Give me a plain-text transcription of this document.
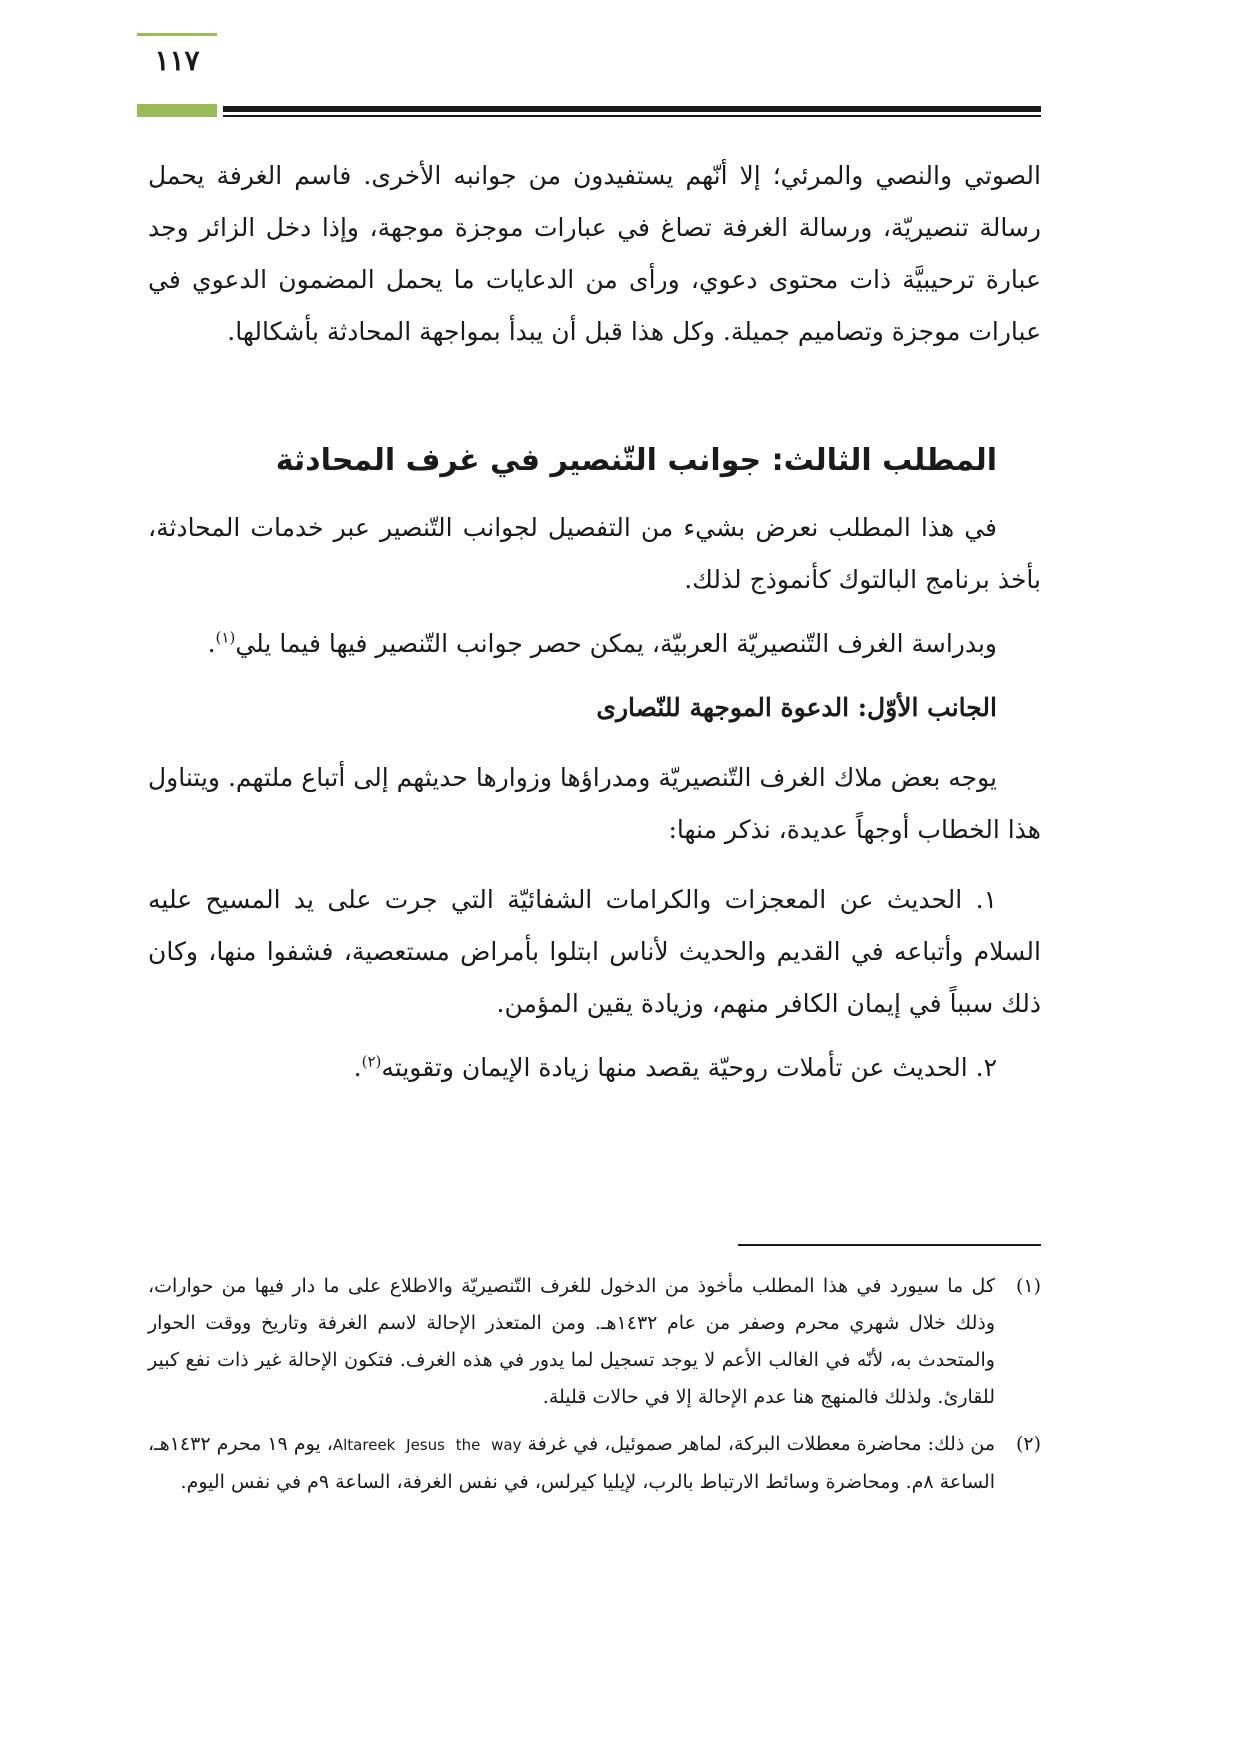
١١٧

الصوتي والنصي والمرئي؛ إلا أنّهم يستفيدون من جوانبه الأخرى. فاسم الغرفة يحمل رسالة تنصيريّة، ورسالة الغرفة تصاغ في عبارات موجزة موجهة، وإذا دخل الزائر وجد عبارة ترحيبيَّة ذات محتوى دعوي، ورأى من الدعايات ما يحمل المضمون الدعوي في عبارات موجزة وتصاميم جميلة. وكل هذا قبل أن يبدأ بمواجهة المحادثة بأشكالها.

المطلب الثالث: جوانب التّنصير في غرف المحادثة

في هذا المطلب نعرض بشيء من التفصيل لجوانب التّنصير عبر خدمات المحادثة، بأخذ برنامج البالتوك كأنموذج لذلك.

وبدراسة الغرف التّنصيريّة العربيّة، يمكن حصر جوانب التّنصير فيها فيما يلي$^{(١)}$.

الجانب الأوّل: الدعوة الموجهة للنّصارى

يوجه بعض ملاك الغرف التّنصيريّة ومدراؤها وزوارها حديثهم إلى أتباع ملتهم. ويتناول هذا الخطاب أوجهاً عديدة، نذكر منها:

١. الحديث عن المعجزات والكرامات الشفائيّة التي جرت على يد المسيح عليه السلام وأتباعه في القديم والحديث لأناس ابتلوا بأمراض مستعصية، فشفوا منها، وكان ذلك سبباً في إيمان الكافر منهم، وزيادة يقين المؤمن.

٢. الحديث عن تأملات روحيّة يقصد منها زيادة الإيمان وتقويته$^{(٢)}$.

(١)
كل ما سيورد في هذا المطلب مأخوذ من الدخول للغرف التّنصيريّة والاطلاع على ما دار فيها من حوارات، وذلك خلال شهري محرم وصفر من عام ١٤٣٢هـ. ومن المتعذر الإحالة لاسم الغرفة وتاريخ ووقت الحوار والمتحدث به، لأنّه في الغالب الأعم لا يوجد تسجيل لما يدور في هذه الغرف. فتكون الإحالة غير ذات نفع كبير للقارئ. ولذلك فالمنهج هنا عدم الإحالة إلا في حالات قليلة.

(٢)
من ذلك: محاضرة معطلات البركة، لماهر صموئيل، في غرفة Altareek Jesus the way، يوم ١٩ محرم ١٤٣٢هـ، الساعة ٨م. ومحاضرة وسائط الارتباط بالرب، لإيليا كيرلس، في نفس الغرفة، الساعة ٩م في نفس اليوم.
